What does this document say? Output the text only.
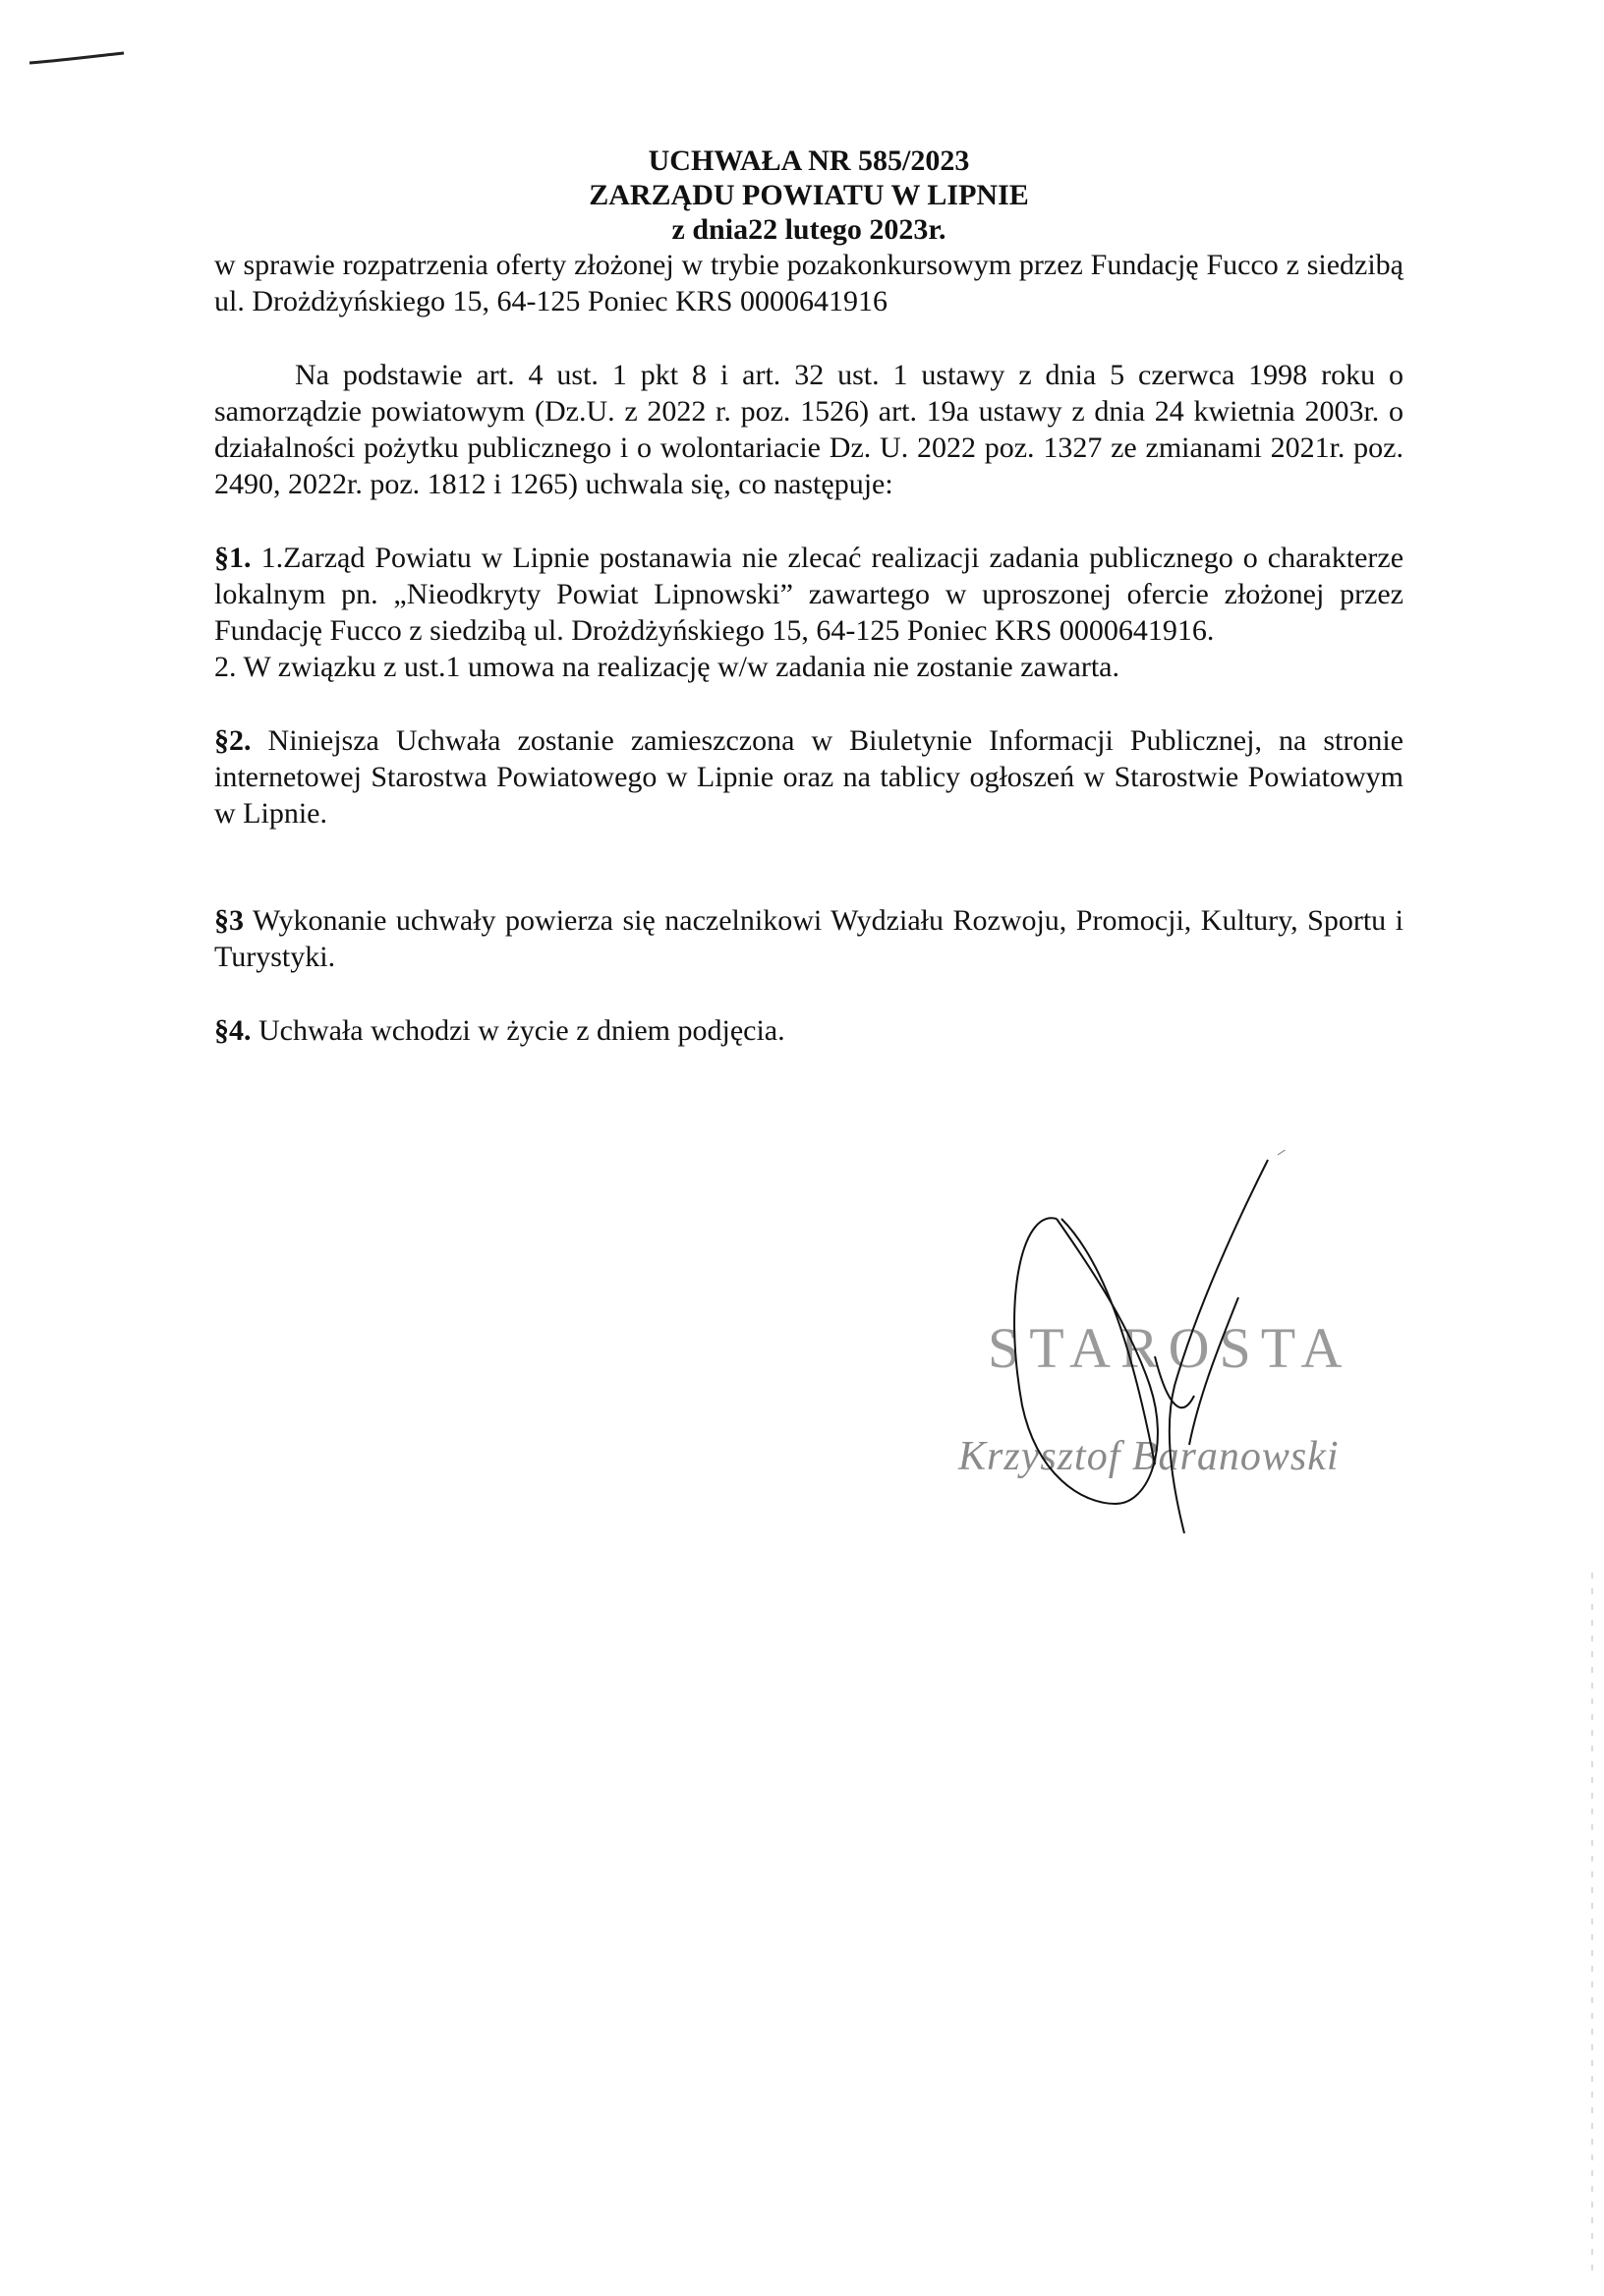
UCHWAŁA NR 585/2023
ZARZĄDU POWIATU W LIPNIE
z dnia22 lutego 2023r.

w sprawie rozpatrzenia oferty złożonej w trybie pozakonkursowym przez Fundację Fucco z siedzibą ul. Drożdżyńskiego 15, 64-125 Poniec KRS 0000641916

Na podstawie art. 4 ust. 1 pkt 8 i art. 32 ust. 1 ustawy z dnia 5 czerwca 1998 roku o samorządzie powiatowym (Dz.U. z 2022 r. poz. 1526) art. 19a ustawy z dnia 24 kwietnia 2003r. o działalności pożytku publicznego i o wolontariacie Dz. U. 2022 poz. 1327 ze zmianami 2021r. poz. 2490, 2022r. poz. 1812 i 1265) uchwala się, co następuje:

§1. 1.Zarząd Powiatu w Lipnie postanawia nie zlecać realizacji zadania publicznego o charakterze lokalnym pn. „Nieodkryty Powiat Lipnowski” zawartego w uproszonej ofercie złożonej przez Fundację Fucco z siedzibą ul. Drożdżyńskiego 15, 64-125 Poniec KRS 0000641916.

2. W związku z ust.1 umowa na realizację w/w zadania nie zostanie zawarta.

§2. Niniejsza Uchwała zostanie zamieszczona w Biuletynie Informacji Publicznej, na stronie internetowej Starostwa Powiatowego w Lipnie oraz na tablicy ogłoszeń w Starostwie Powiatowym w Lipnie.

§3 Wykonanie uchwały powierza się naczelnikowi Wydziału Rozwoju, Promocji, Kultury, Sportu i Turystyki.

§4. Uchwała wchodzi w życie z dniem podjęcia.

STAROSTA
Krzysztof Baranowski
